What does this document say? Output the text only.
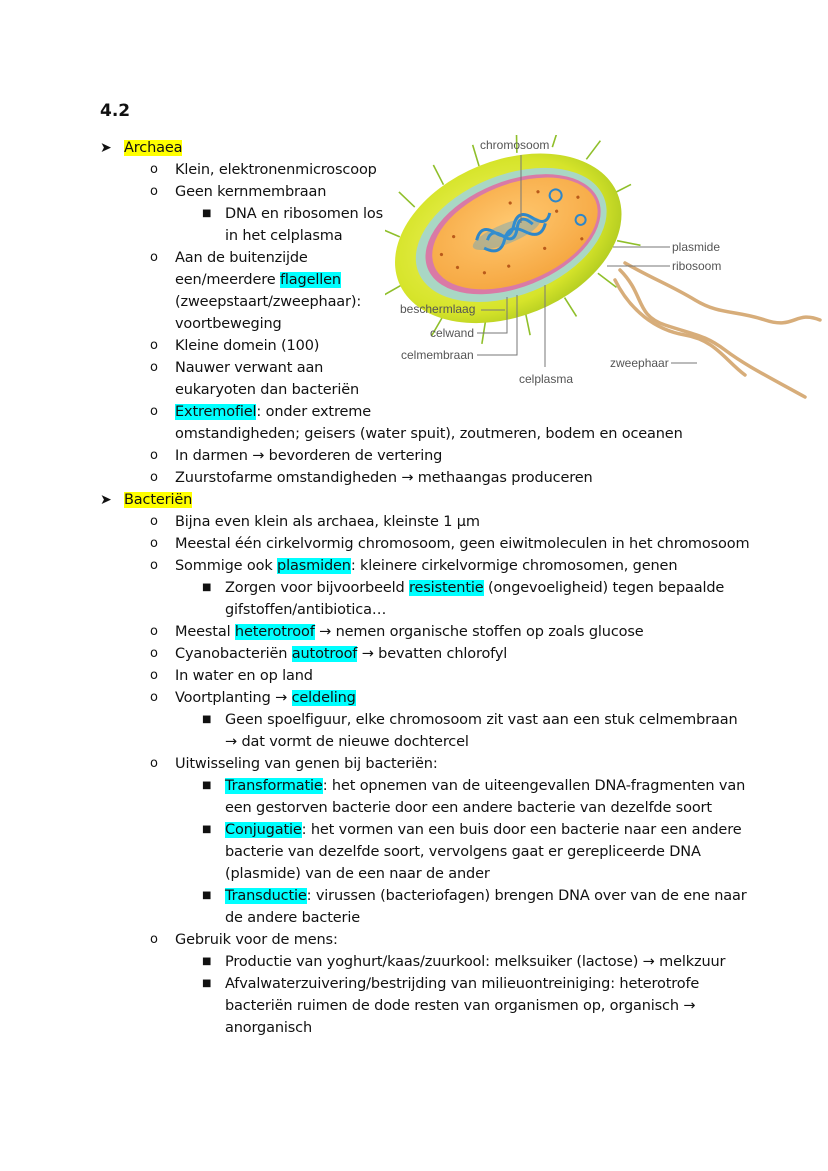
4.2
➤ Archaea
o Klein, elektronenmicroscoop
o Geen kernmembraan
■ DNA en ribosomen los
in het celplasma
o Aan de buitenzijde
een/meerdere flagellen
(zweepstaart/zweephaar):
voortbeweging
o Kleine domein (100)
o Nauwer verwant aan
eukaryoten dan bacteriën
o Extremofiel: onder extreme
omstandigheden; geisers (water spuit), zoutmeren, bodem en oceanen
o In darmen → bevorderen de vertering
o Zuurstofarme omstandigheden → methaangas produceren
➤ Bacteriën
o Bijna even klein als archaea, kleinste 1 μm
o Meestal één cirkelvormig chromosoom, geen eiwitmoleculen in het chromosoom
o Sommige ook plasmiden: kleinere cirkelvormige chromosomen, genen
■ Zorgen voor bijvoorbeeld resistentie (ongevoeligheid) tegen bepaalde
gifstoffen/antibiotica…
o Meestal heterotroof → nemen organische stoffen op zoals glucose
o Cyanobacteriën autotroof → bevatten chlorofyl
o In water en op land
o Voortplanting → celdeling
■ Geen spoelfiguur, elke chromosoom zit vast aan een stuk celmembraan
→ dat vormt de nieuwe dochtercel
o Uitwisseling van genen bij bacteriën:
■ Transformatie: het opnemen van de uiteengevallen DNA-fragmenten van
een gestorven bacterie door een andere bacterie van dezelfde soort
■ Conjugatie: het vormen van een buis door een bacterie naar een andere
bacterie van dezelfde soort, vervolgens gaat er gerepliceerde DNA
(plasmide) van de een naar de ander
■ Transductie: virussen (bacteriofagen) brengen DNA over van de ene naar
de andere bacterie
o Gebruik voor de mens:
■ Productie van yoghurt/kaas/zuurkool: melksuiker (lactose) → melkzuur
■ Afvalwaterzuivering/bestrijding van milieuontreiniging: heterotrofe
bacteriën ruimen de dode resten van organismen op, organisch →
anorganisch
chromosoom
plasmide
ribosoom
beschermlaag
celwand
celmembraan
celplasma
zweephaar
